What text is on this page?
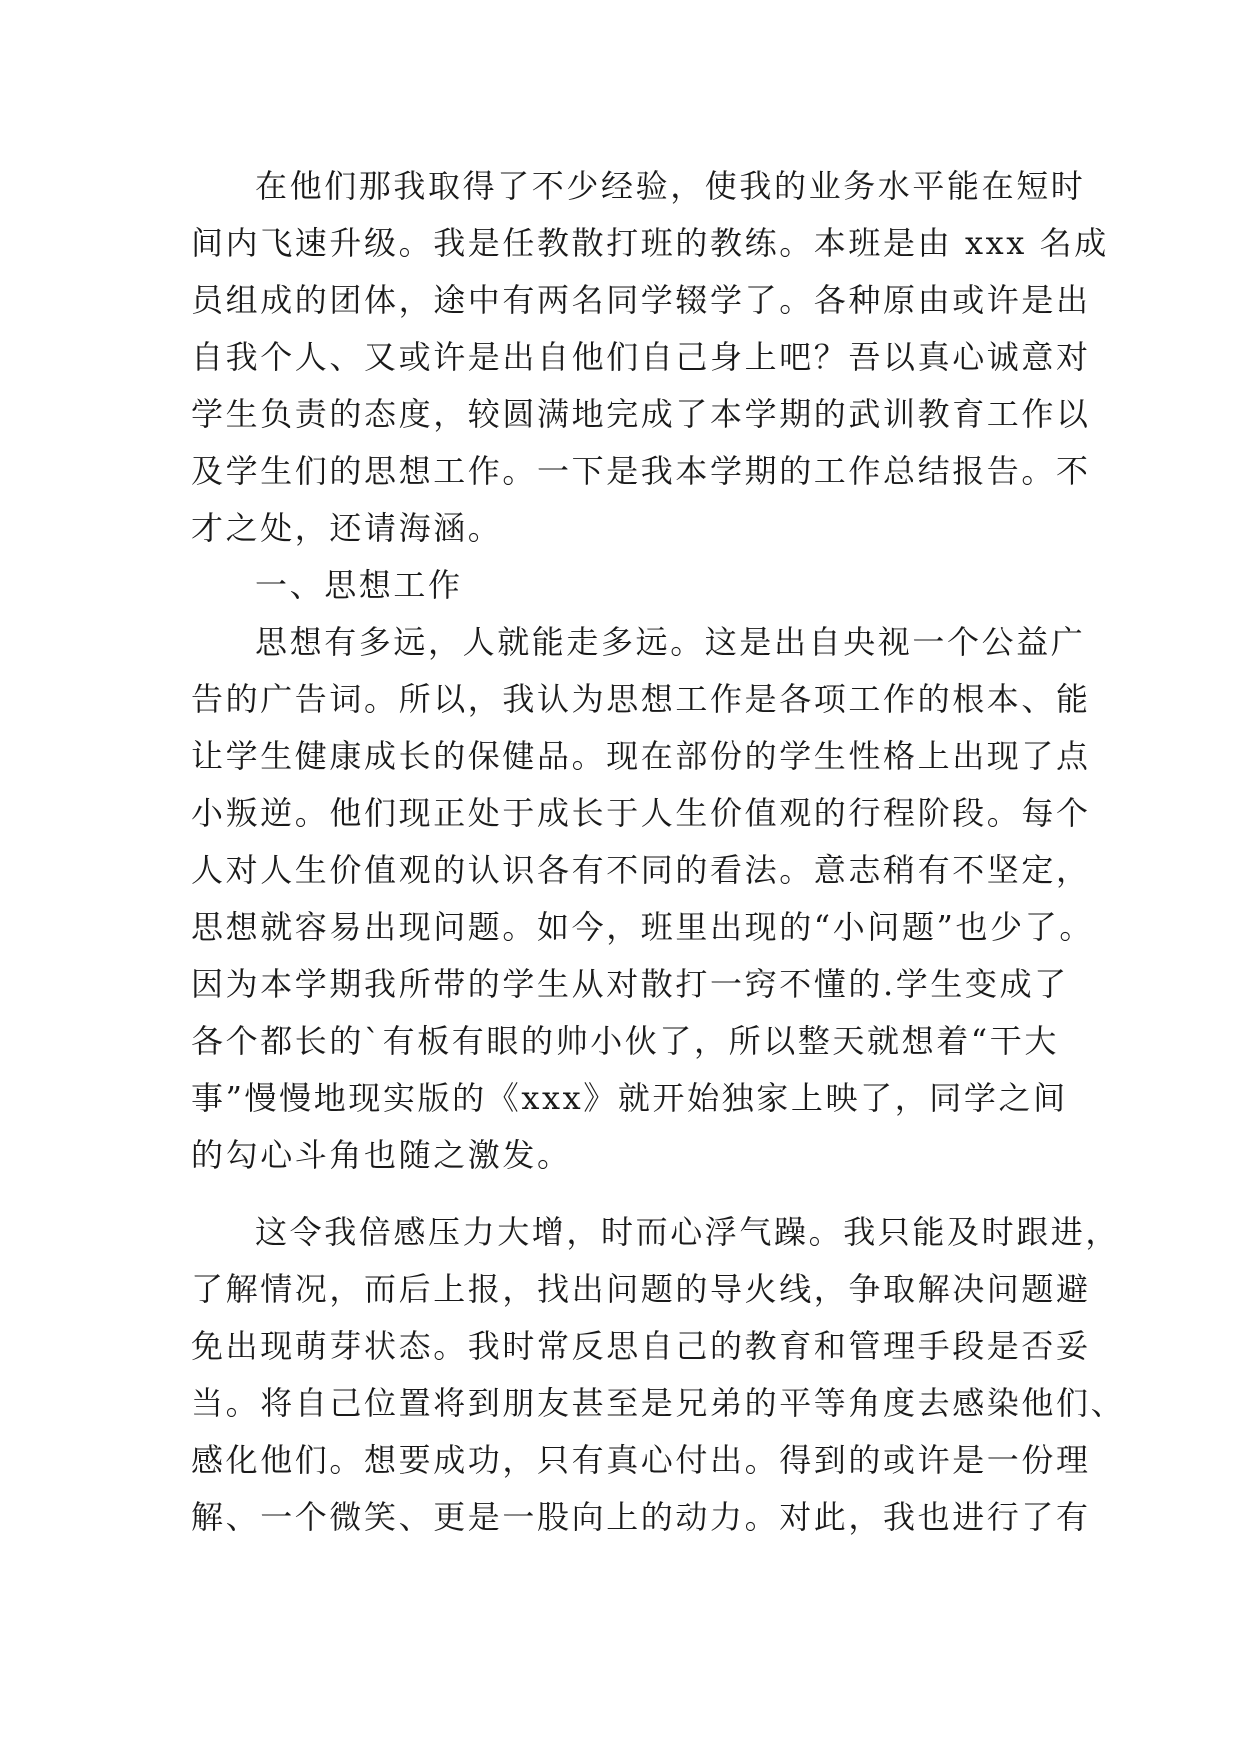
在他们那我取得了不少经验，使我的业务水平能在短时
间内飞速升级。我是任教散打班的教练。本班是由 xxx 名成
员组成的团体，途中有两名同学辍学了。各种原由或许是出
自我个人、又或许是出自他们自己身上吧？吾以真心诚意对
学生负责的态度，较圆满地完成了本学期的武训教育工作以
及学生们的思想工作。一下是我本学期的工作总结报告。不
才之处，还请海涵。
一、思想工作
思想有多远，人就能走多远。这是出自央视一个公益广
告的广告词。所以，我认为思想工作是各项工作的根本、能
让学生健康成长的保健品。现在部份的学生性格上出现了点
小叛逆。他们现正处于成长于人生价值观的行程阶段。每个
人对人生价值观的认识各有不同的看法。意志稍有不坚定，
思想就容易出现问题。如今，班里出现的“小问题”也少了。
因为本学期我所带的学生从对散打一窍不懂的.学生变成了
各个都长的`有板有眼的帅小伙了，所以整天就想着“干大
事”慢慢地现实版的《xxx》就开始独家上映了，同学之间
的勾心斗角也随之激发。
这令我倍感压力大增，时而心浮气躁。我只能及时跟进，
了解情况，而后上报，找出问题的导火线，争取解决问题避
免出现萌芽状态。我时常反思自己的教育和管理手段是否妥
当。将自己位置将到朋友甚至是兄弟的平等角度去感染他们、
感化他们。想要成功，只有真心付出。得到的或许是一份理
解、一个微笑、更是一股向上的动力。对此，我也进行了有
